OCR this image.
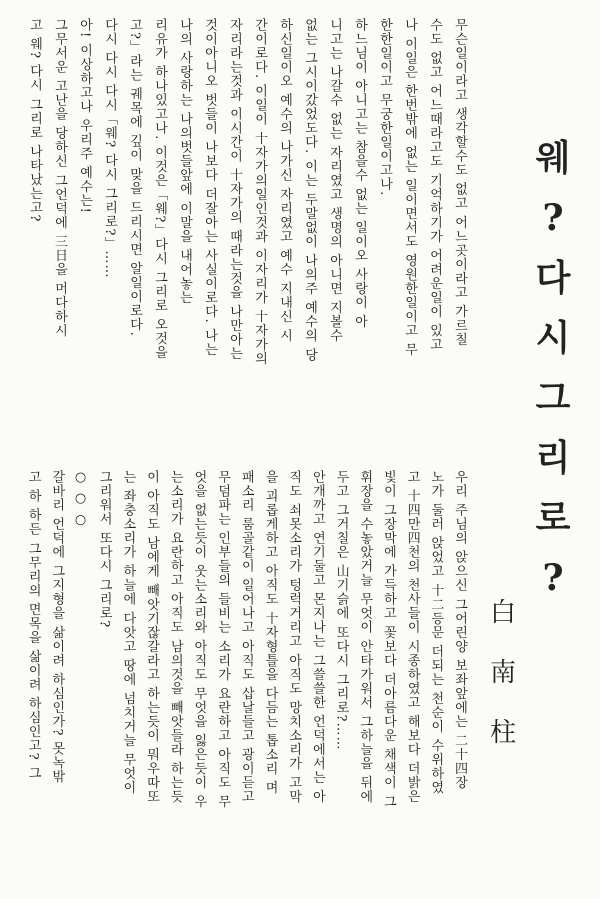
웨
?
다
시
그
리
로
?
白
南
柱
무슨일이라고 생각할수도 없고 어느곳이라고 가르칠
수도 없고 어느때라고도 기억하기가 어려운일이 있고
나 이일은 한번밖에 없는 일이면서도 영원한일이고 무
한한일이고 무궁한일이고나.
하느님이 아니고는 참을수 없는 일이오 사랑이 아
니고는 나갈수 없는 자리였고 생명의 아니면 지볼수
없는 그시이갔었도다. 이는 두말없이 나의주 예수의 당
하신일이오 예수의 나가신 자리였고 예수 지내신 시
간이로다. 이일이 十자가의일인것과 이자리가 十자가의
자리라는것과 이시간이 十자가의 때라는것을 나만아는
것이아니오 벗들이 나보다 더잘아는 사실이로다. 나는
나의 사랑하는 나의벗들앞에 이말을 내어놓는
리유가 하나있고나. 이것은「웨?」다시 그리로 오것을
고?」라는 궤목에 깊이 맞을 드리시면 알일이로다.
다시 다시 다시「웨? 다시 그리로?」……
아! 이상하고나 우리주 예수는!
그무서운 고난을 당하신 그언덕에 三日을 머다하시
고 웨? 다시 그리로 나타났는고?
우리 주님의 앉으신 그어린양 보좌앞에는 二十四장
노가 둘러 앉었고 十二등문 더되는 천순이 수위하였
고 十四만四천의 천사들이 시종하였고 해보다 더밝은
빛이 그장막에 가득하고 꽃보다 더아름다운 채색이 그
휘장을 수놓았거늘 무엇이 안타가워서 그하늘을 뒤에
두고 그거칠은 山기슭에 또다시 그리로?……
안개까고 연기둘고 몬지나는 그쓸쓸한 언덕에서는 아
직도 쇠못소리가 텅럭거리고 아직도 망치소리가 고막
을 괴롭게하고 아직도 十자형틀을 다듬는 톱소리 며
패소리 룸골같이 일어나고 아직도 삽날들고 광이듣고
무덤파는 인부들의 들비는 소리가 요란하고 아직도 무
엇을 없는듯이 웃는소리와 아직도 무엇을 잃은듯이 우
는소리가 요란하고 아직도 남의것을 빼앗들라 하는듯
이 아직도 남에게 빼앗기잖갈라고 하는듯이 뭐우따또
는 좌충소리가 하늘에 다앗고 땅에 넘치거늘 무엇이
그리워서 또다시 그리로?
○ ○ ○
갈바리 언덕에 그지형을 삶이려 하심인가? 못녹밖
고 하 하든 그무리의 면목을 삶이려 하심인고? 그
